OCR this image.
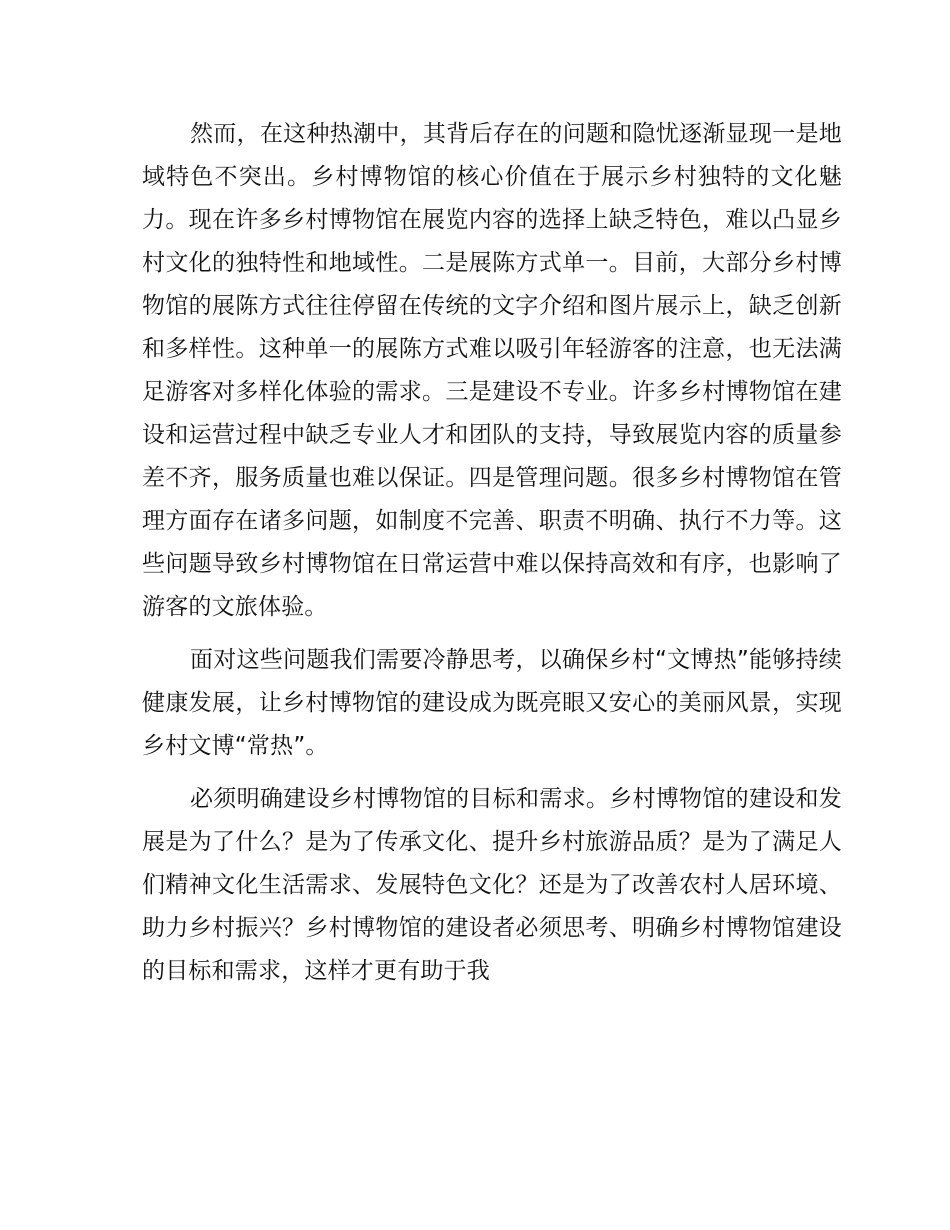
然而，在这种热潮中，其背后存在的问题和隐忧逐渐显现一是地域特色不突出。乡村博物馆的核心价值在于展示乡村独特的文化魅力。现在许多乡村博物馆在展览内容的选择上缺乏特色，难以凸显乡村文化的独特性和地域性。二是展陈方式单一。目前，大部分乡村博物馆的展陈方式往往停留在传统的文字介绍和图片展示上，缺乏创新和多样性。这种单一的展陈方式难以吸引年轻游客的注意，也无法满足游客对多样化体验的需求。三是建设不专业。许多乡村博物馆在建设和运营过程中缺乏专业人才和团队的支持，导致展览内容的质量参差不齐，服务质量也难以保证。四是管理问题。很多乡村博物馆在管理方面存在诸多问题，如制度不完善、职责不明确、执行不力等。这些问题导致乡村博物馆在日常运营中难以保持高效和有序，也影响了游客的文旅体验。

面对这些问题我们需要冷静思考，以确保乡村“文博热”能够持续健康发展，让乡村博物馆的建设成为既亮眼又安心的美丽风景，实现乡村文博“常热”。

必须明确建设乡村博物馆的目标和需求。乡村博物馆的建设和发展是为了什么？是为了传承文化、提升乡村旅游品质？是为了满足人们精神文化生活需求、发展特色文化？还是为了改善农村人居环境、助力乡村振兴？乡村博物馆的建设者必须思考、明确乡村博物馆建设的目标和需求，这样才更有助于我
